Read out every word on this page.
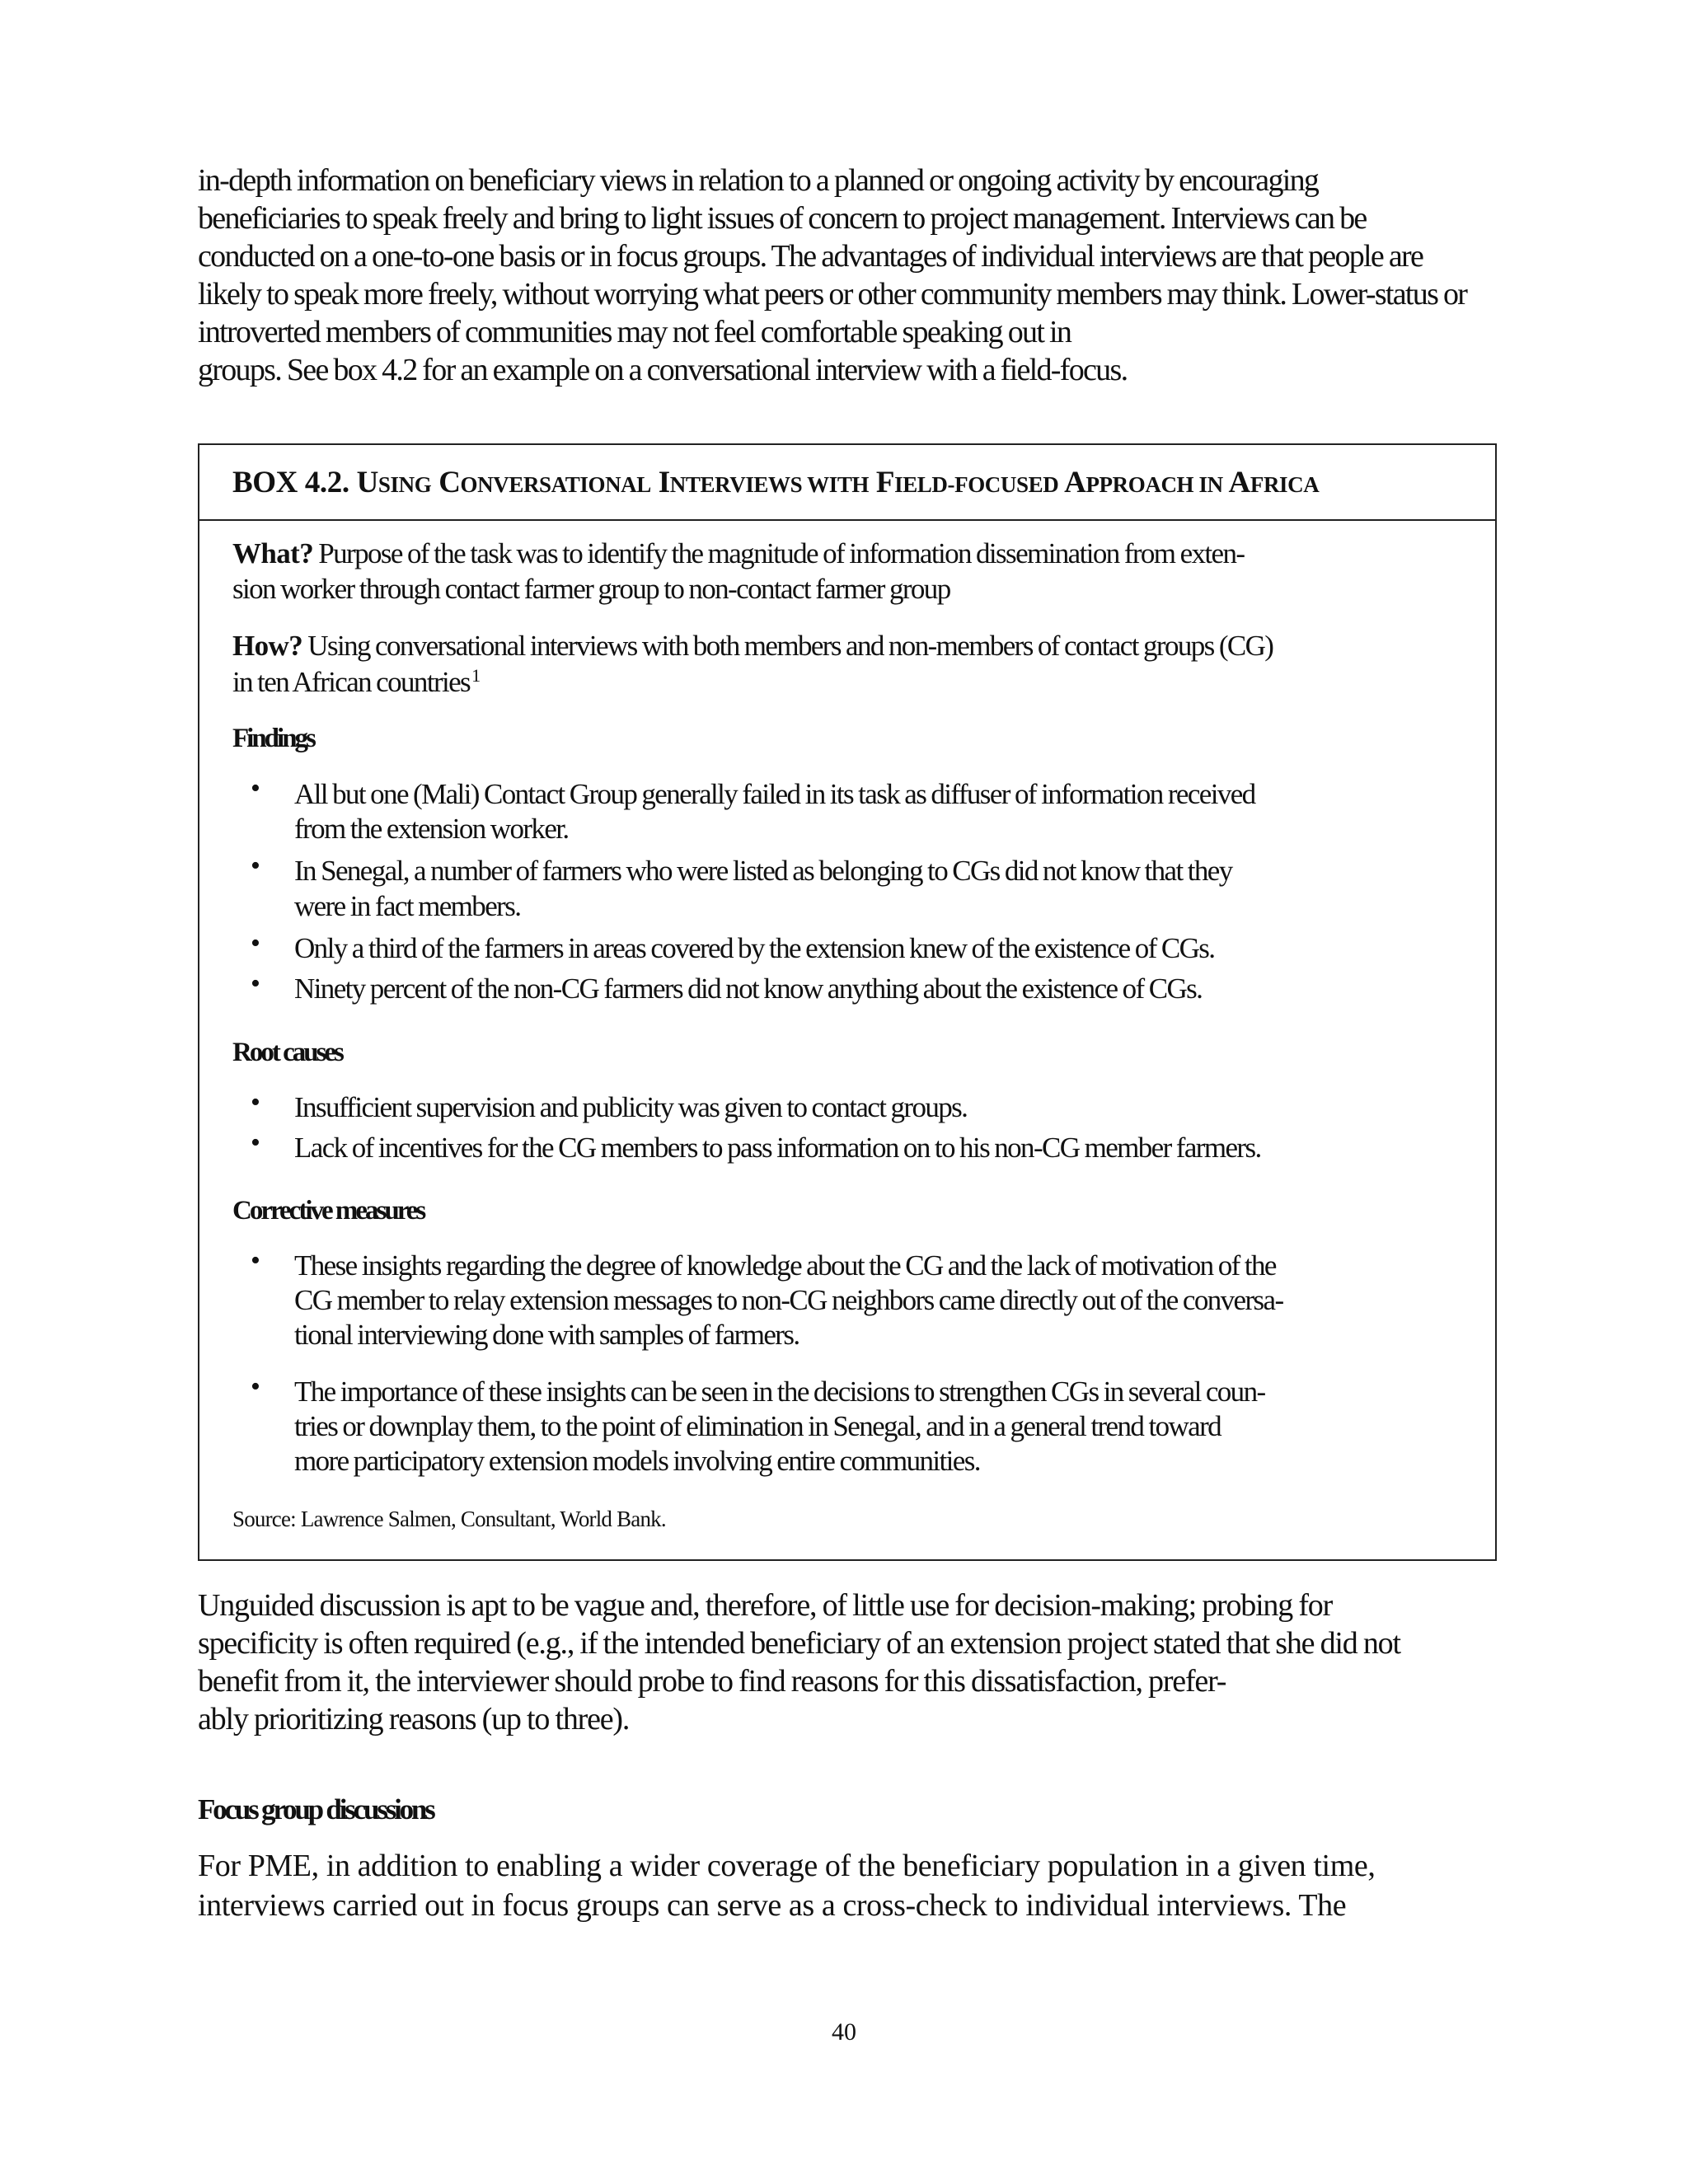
in-depth information on beneficiary views in relation to a planned or ongoing activity by encouraging
beneficiaries to speak freely and bring to light issues of concern to project management. Interviews can be
conducted on a one-to-one basis or in focus groups. The advantages of individual interviews are that people are
likely to speak more freely, without worrying what peers or other community members may think. Lower-status or
introverted members of communities may not feel comfortable speaking out in
groups. See box 4.2 for an example on a conversational interview with a field-focus.
BOX 4.2. USING CONVERSATIONAL INTERVIEWS WITH FIELD-FOCUSED APPROACH IN AFRICA
What? Purpose of the task was to identify the magnitude of information dissemination from exten-
sion worker through contact farmer group to non-contact farmer group
How? Using conversational interviews with both members and non-members of contact groups (CG)
in ten African countries$^1$
Findings
• All but one (Mali) Contact Group generally failed in its task as diffuser of information received
from the extension worker.
• In Senegal, a number of farmers who were listed as belonging to CGs did not know that they
were in fact members.
• Only a third of the farmers in areas covered by the extension knew of the existence of CGs.
• Ninety percent of the non-CG farmers did not know anything about the existence of CGs.
Root causes
• Insufficient supervision and publicity was given to contact groups.
• Lack of incentives for the CG members to pass information on to his non-CG member farmers.
Corrective measures
• These insights regarding the degree of knowledge about the CG and the lack of motivation of the
CG member to relay extension messages to non-CG neighbors came directly out of the conversa-
tional interviewing done with samples of farmers.
• The importance of these insights can be seen in the decisions to strengthen CGs in several coun-
tries or downplay them, to the point of elimination in Senegal, and in a general trend toward
more participatory extension models involving entire communities.
Source: Lawrence Salmen, Consultant, World Bank.
Unguided discussion is apt to be vague and, therefore, of little use for decision-making; probing for
specificity is often required (e.g., if the intended beneficiary of an extension project stated that she did not
benefit from it, the interviewer should probe to find reasons for this dissatisfaction, prefer-
ably prioritizing reasons (up to three).
Focus group discussions
For PME, in addition to enabling a wider coverage of the beneficiary population in a given time,
interviews carried out in focus groups can serve as a cross-check to individual interviews. The
40
